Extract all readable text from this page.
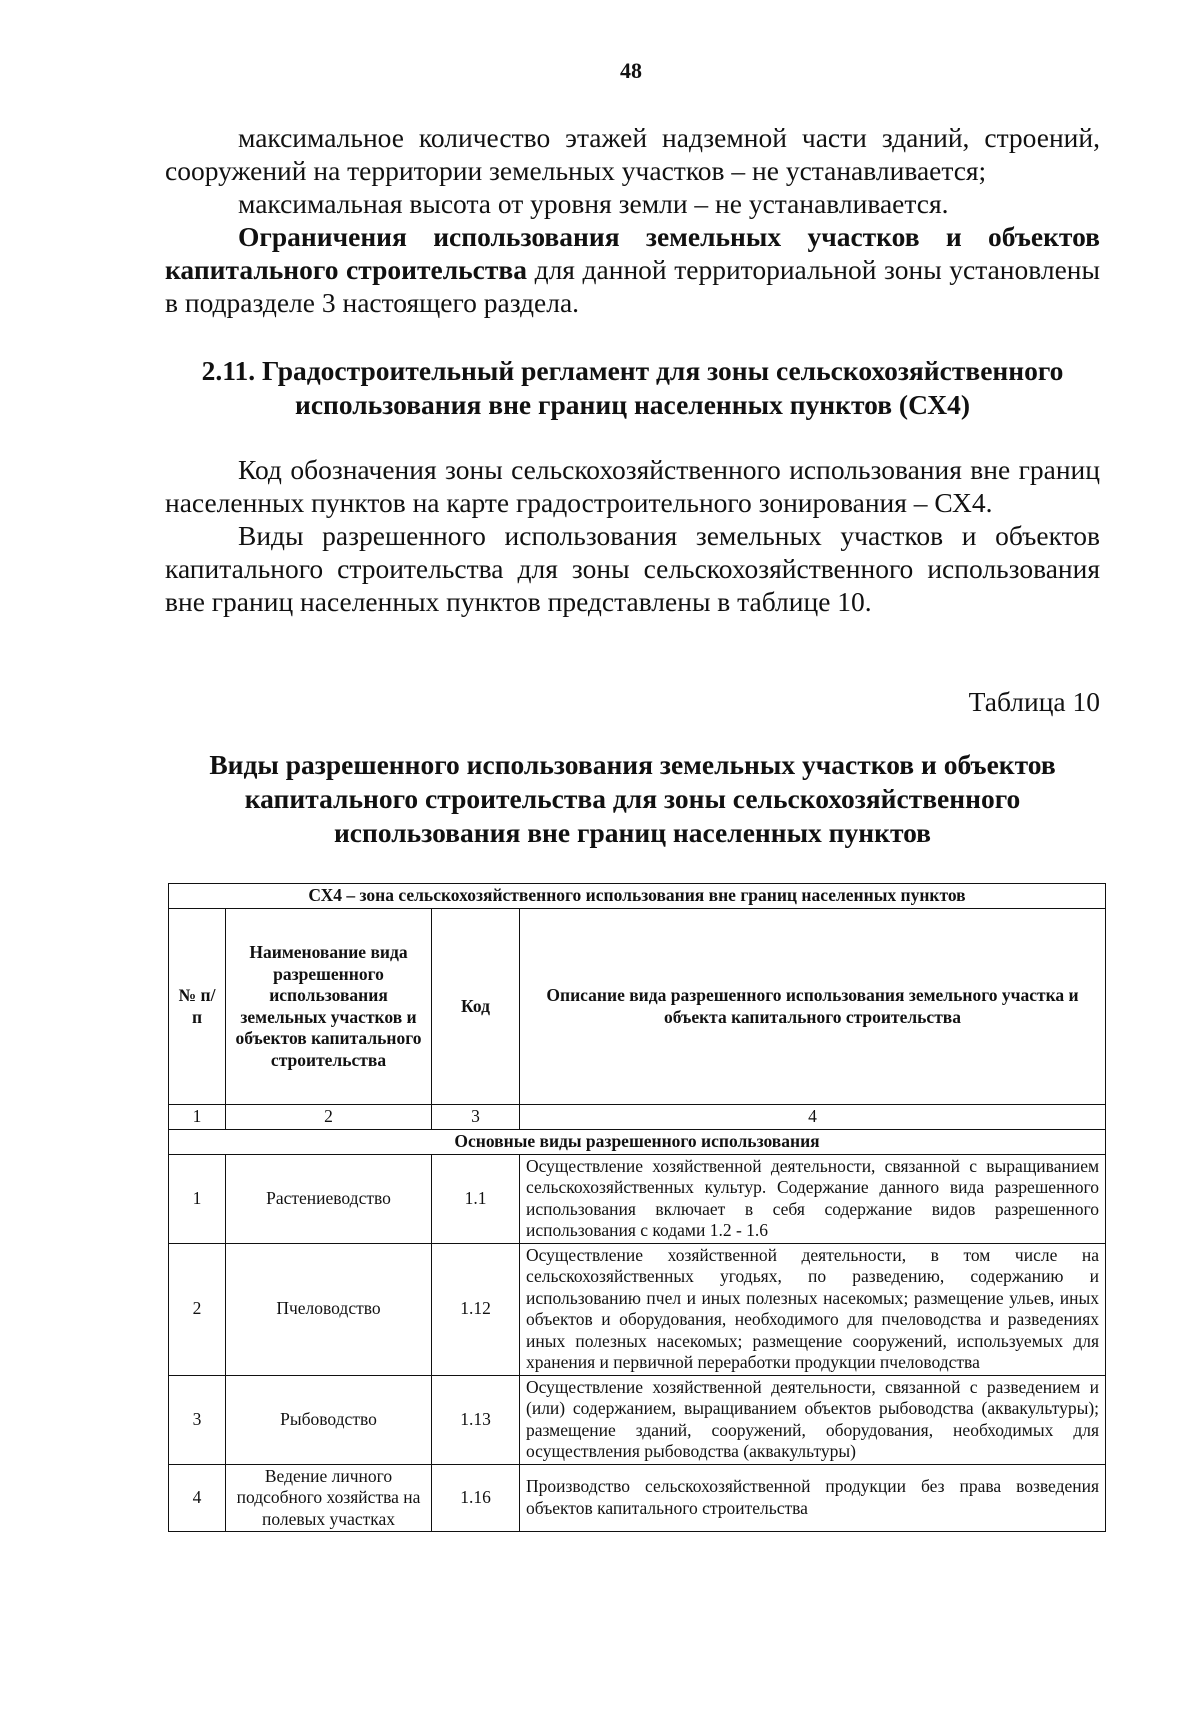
48

максимальное количество этажей надземной части зданий, строений, сооружений на территории земельных участков – не устанавливается;

максимальная высота от уровня земли – не устанавливается.

Ограничения использования земельных участков и объектов капитального строительства для данной территориальной зоны установлены в подразделе 3 настоящего раздела.

2.11. Градостроительный регламент для зоны сельскохозяйственного
использования вне границ населенных пунктов (СХ4)

Код обозначения зоны сельскохозяйственного использования вне границ населенных пунктов на карте градостроительного зонирования – СХ4.

Виды разрешенного использования земельных участков и объектов капитального строительства для зоны сельскохозяйственного использования вне границ населенных пунктов представлены в таблице 10.

Таблица 10
Виды разрешенного использования земельных участков и объектов
капитального строительства для зоны сельскохозяйственного
использования вне границ населенных пунктов
СХ4 – зона сельскохозяйственного использования вне границ населенных пунктов			
№ п/п	Наименование вида разрешенного использования земельных участков и объектов капитального строительства	Код	Описание вида разрешенного использования земельного участка и объекта капитального строительства
1	2	3	4
Основные виды разрешенного использования			
1	Растениеводство	1.1	Осуществление хозяйственной деятельности, связанной с выращиванием сельскохозяйственных культур. Содержание данного вида разрешенного использования включает в себя содержание видов разрешенного использования с кодами 1.2 - 1.6
2	Пчеловодство	1.12	Осуществление хозяйственной деятельности, в том числе на сельскохозяйственных угодьях, по разведению, содержанию и использованию пчел и иных полезных насекомых; размещение ульев, иных объектов и оборудования, необходимого для пчеловодства и разведениях иных полезных насекомых; размещение сооружений, используемых для хранения и первичной переработки продукции пчеловодства
3	Рыбоводство	1.13	Осуществление хозяйственной деятельности, связанной с разведением и (или) содержанием, выращиванием объектов рыбоводства (аквакультуры); размещение зданий, сооружений, оборудования, необходимых для осуществления рыбоводства (аквакультуры)
4	Ведение личного подсобного хозяйства на полевых участках	1.16	Производство сельскохозяйственной продукции без права возведения объектов капитального строительства
